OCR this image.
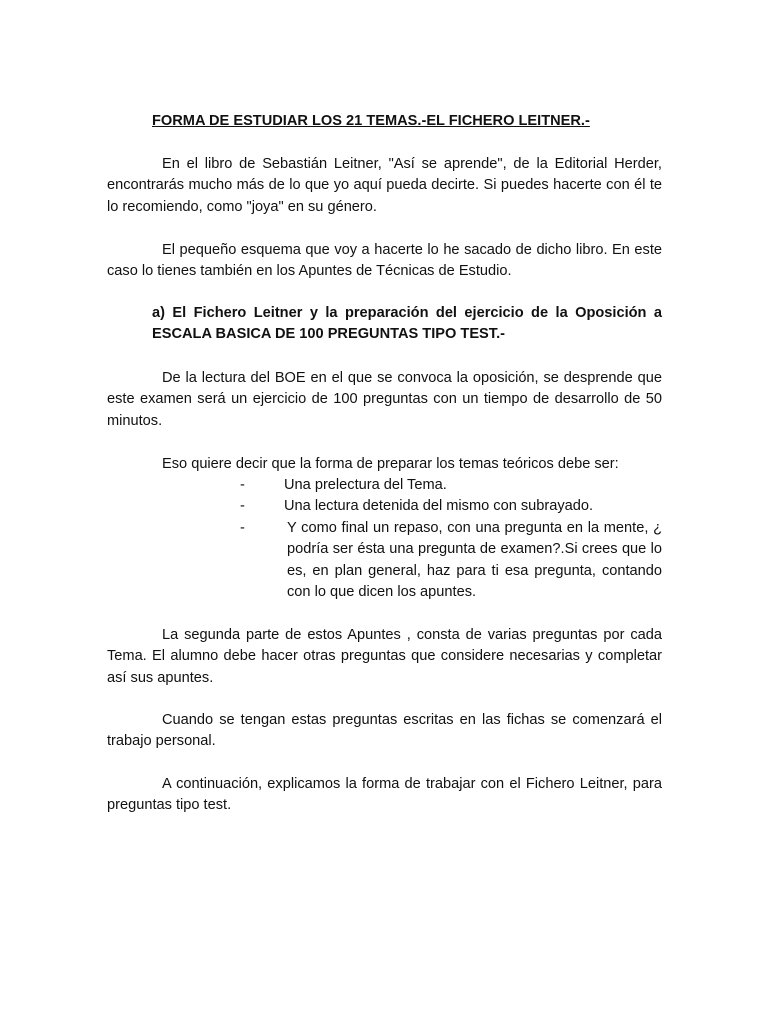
FORMA DE ESTUDIAR LOS 21 TEMAS.-EL FICHERO LEITNER.-

En el libro de Sebastián Leitner, "Así se aprende", de la Editorial Herder, encontrarás mucho más de lo que yo aquí pueda decirte. Si puedes hacerte con él te lo recomiendo, como "joya" en su género.

El pequeño esquema que voy a hacerte lo he sacado de dicho libro. En este caso lo tienes también en los Apuntes de Técnicas de Estudio.

a) El Fichero Leitner y la preparación del ejercicio de la Oposición a ESCALA BASICA DE 100 PREGUNTAS TIPO TEST.-

De la lectura del BOE en el que se convoca la oposición, se desprende que este examen será un ejercicio de 100 preguntas con un tiempo de desarrollo de 50 minutos.

Eso quiere decir que la forma de preparar los temas teóricos debe ser:

-	Una prelectura del Tema.
-	Una lectura detenida del mismo con subrayado.
-	Y como final un repaso, con una pregunta en la mente, ¿ podría ser ésta una pregunta de examen?.Si crees que lo es, en plan general, haz para ti esa pregunta, contando con lo que dicen los apuntes.

La segunda parte de estos Apuntes , consta de varias preguntas por cada Tema. El alumno debe hacer otras preguntas que considere necesarias y completar así sus apuntes.

Cuando se tengan estas preguntas escritas en las fichas se comenzará el trabajo personal.

A continuación, explicamos la forma de trabajar con el Fichero Leitner, para preguntas tipo test.
